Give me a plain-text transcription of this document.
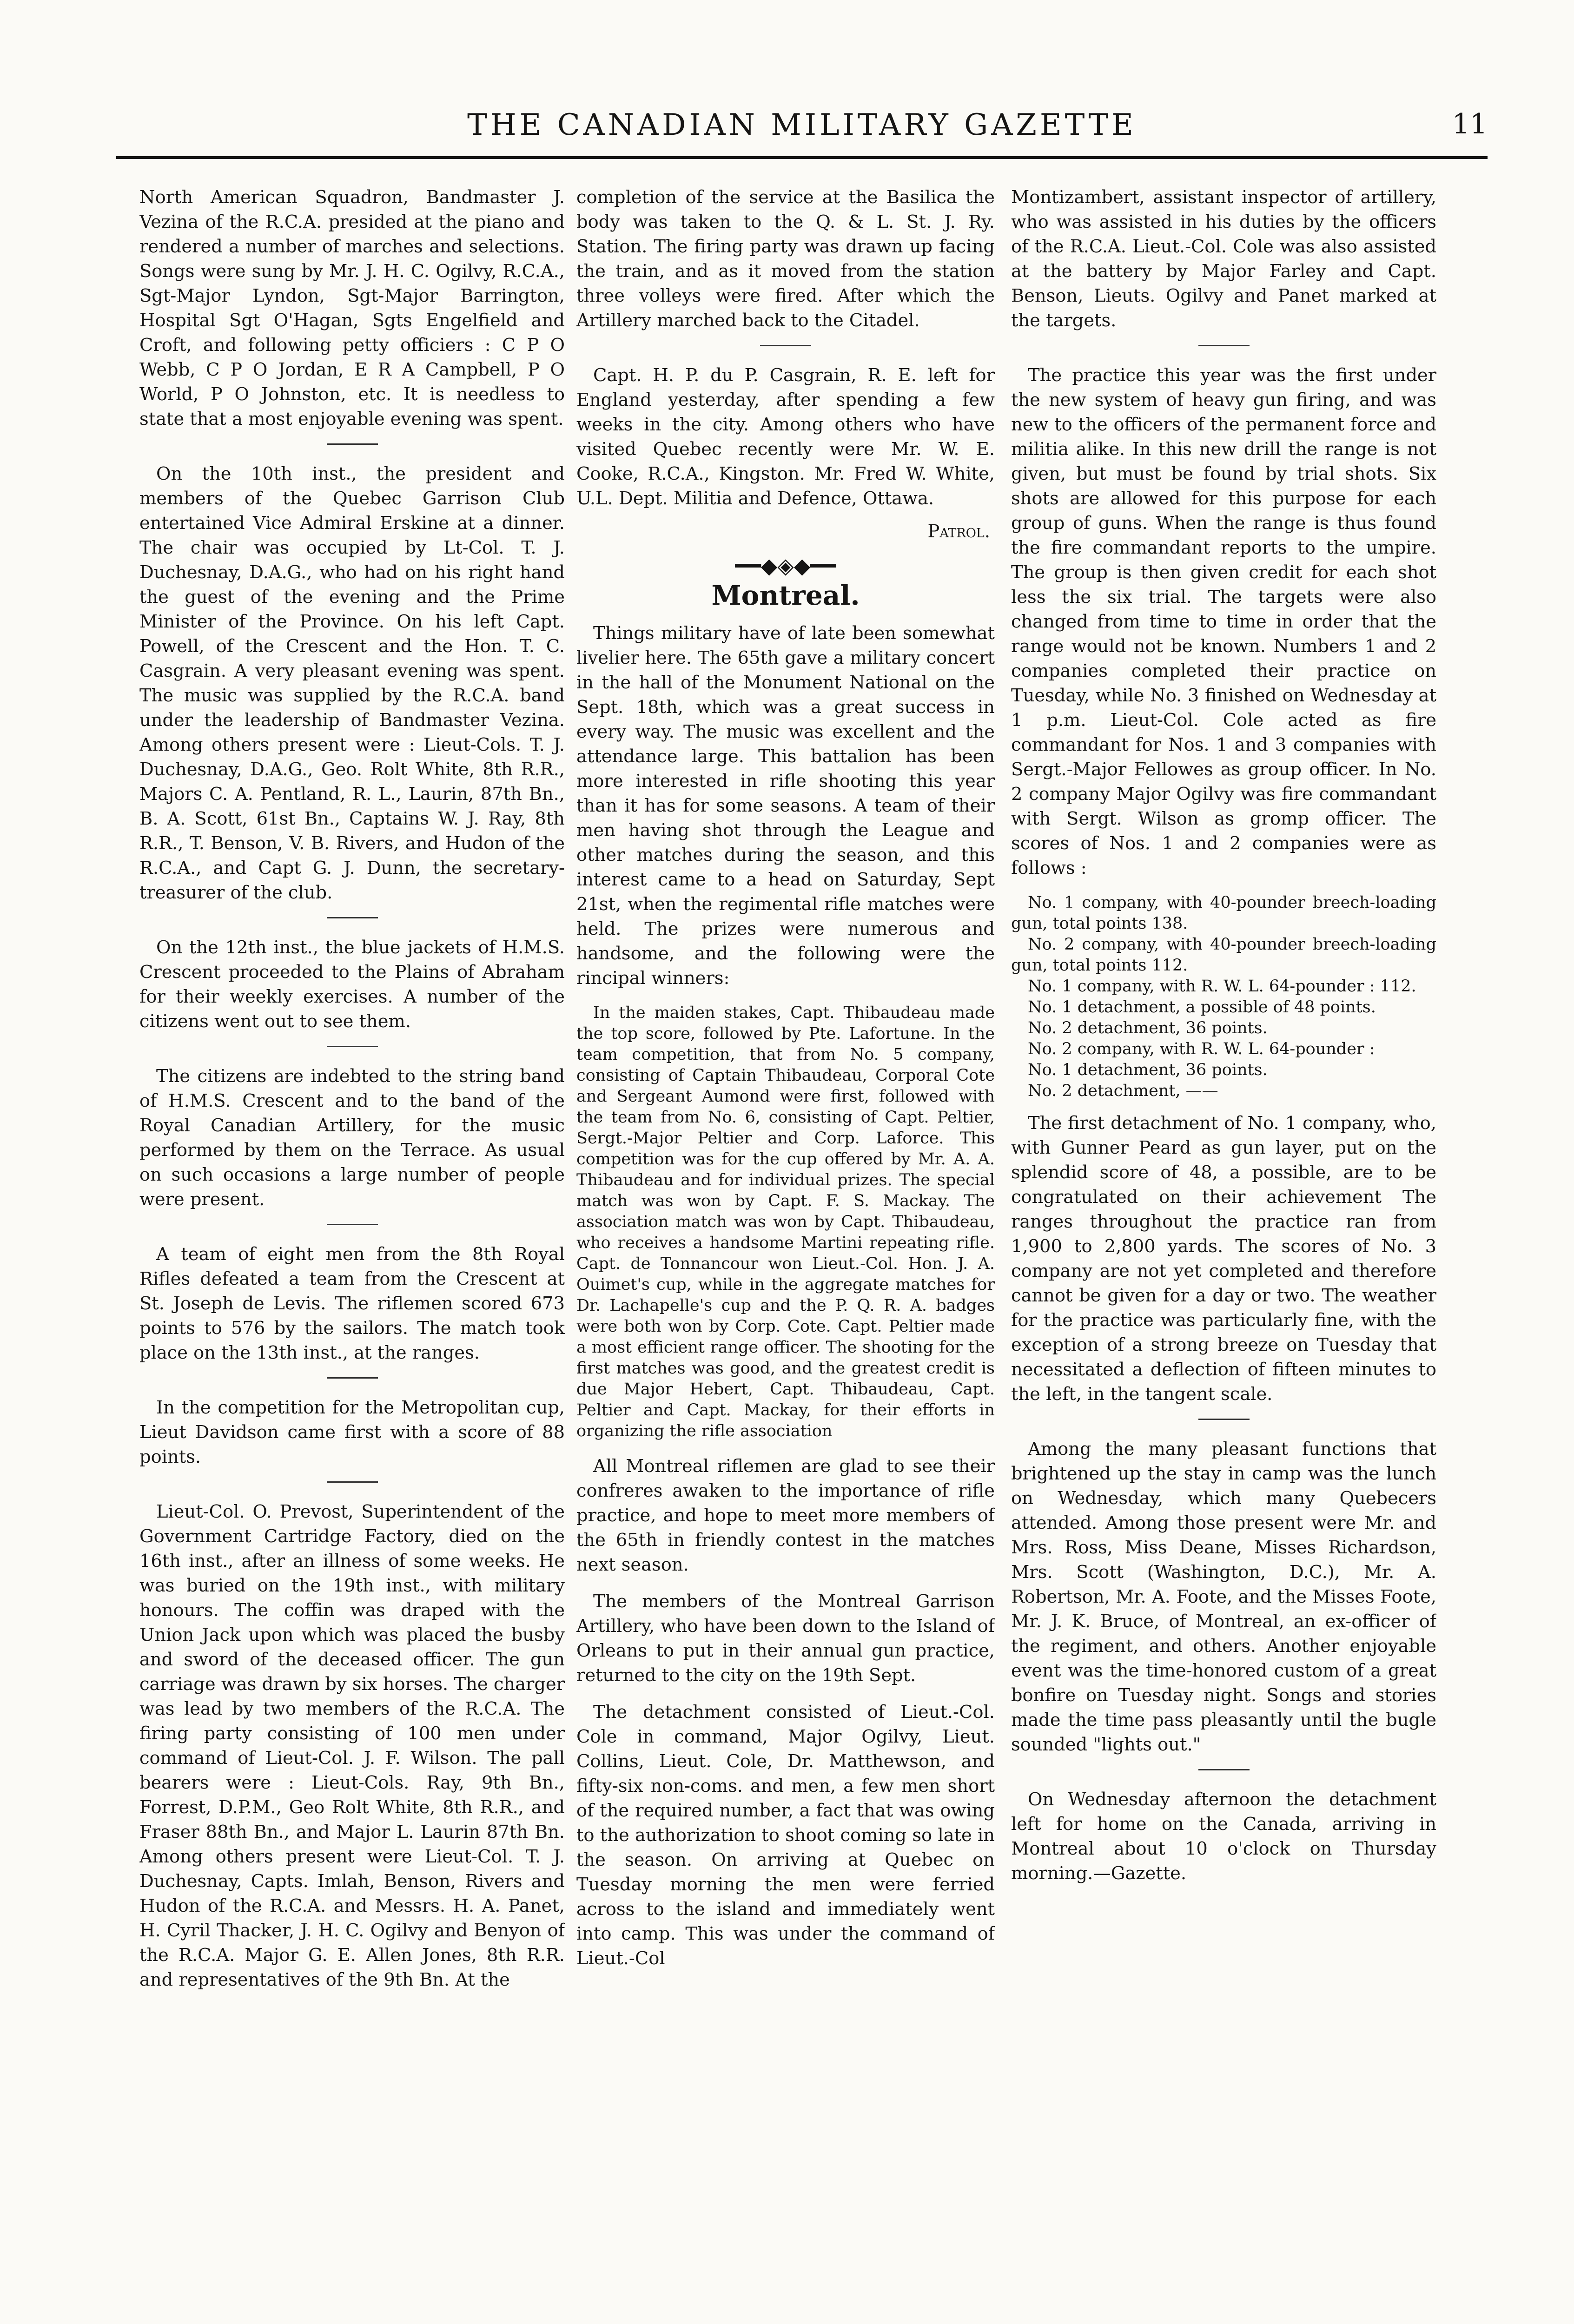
THE CANADIAN MILITARY GAZETTE	11

North American Squadron, Bandmaster J. Vezina of the R.C.A. presided at the piano and rendered a number of marches and selections. Songs were sung by Mr. J. H. C. Ogilvy, R.C.A., Sgt-Major Lyndon, Sgt-Major Barrington, Hospital Sgt O'Hagan, Sgts Engelfield and Croft, and following petty officiers : C P O Webb, C P O Jordan, E R A Campbell, P O World, P O Johnston, etc. It is needless to state that a most enjoyable evening was spent.

On the 10th inst., the president and members of the Quebec Garrison Club entertained Vice Admiral Erskine at a dinner. The chair was occupied by Lt-Col. T. J. Duchesnay, D.A.G., who had on his right hand the guest of the evening and the Prime Minister of the Province. On his left Capt. Powell, of the Crescent and the Hon. T. C. Casgrain. A very pleasant evening was spent. The music was supplied by the R.C.A. band under the leadership of Bandmaster Vezina. Among others present were : Lieut-Cols. T. J. Duchesnay, D.A.G., Geo. Rolt White, 8th R.R., Majors C. A. Pentland, R. L., Laurin, 87th Bn., B. A. Scott, 61st Bn., Captains W. J. Ray, 8th R.R., T. Benson, V. B. Rivers, and Hudon of the R.C.A., and Capt G. J. Dunn, the secretary-treasurer of the club.

On the 12th inst., the blue jackets of H.M.S. Crescent proceeded to the Plains of Abraham for their weekly exercises. A number of the citizens went out to see them.

The citizens are indebted to the string band of H.M.S. Crescent and to the band of the Royal Canadian Artillery, for the music performed by them on the Terrace. As usual on such occasions a large number of people were present.

A team of eight men from the 8th Royal Rifles defeated a team from the Crescent at St. Joseph de Levis. The riflemen scored 673 points to 576 by the sailors. The match took place on the 13th inst., at the ranges.

In the competition for the Metropolitan cup, Lieut Davidson came first with a score of 88 points.

Lieut-Col. O. Prevost, Superintendent of the Government Cartridge Factory, died on the 16th inst., after an illness of some weeks. He was buried on the 19th inst., with military honours. The coffin was draped with the Union Jack upon which was placed the busby and sword of the deceased officer. The gun carriage was drawn by six horses. The charger was lead by two members of the R.C.A. The firing party consisting of 100 men under command of Lieut-Col. J. F. Wilson. The pall bearers were : Lieut-Cols. Ray, 9th Bn., Forrest, D.P.M., Geo Rolt White, 8th R.R., and Fraser 88th Bn., and Major L. Laurin 87th Bn. Among others present were Lieut-Col. T. J. Duchesnay, Capts. Imlah, Benson, Rivers and Hudon of the R.C.A. and Messrs. H. A. Panet, H. Cyril Thacker, J. H. C. Ogilvy and Benyon of the R.C.A. Major G. E. Allen Jones, 8th R.R. and representatives of the 9th Bn. At the

completion of the service at the Basilica the body was taken to the Q. & L. St. J. Ry. Station. The firing party was drawn up facing the train, and as it moved from the station three volleys were fired. After which the Artillery marched back to the Citadel.

Capt. H. P. du P. Casgrain, R. E. left for England yesterday, after spending a few weeks in the city. Among others who have visited Quebec recently were Mr. W. E. Cooke, R.C.A., Kingston. Mr. Fred W. White, U.L. Dept. Militia and Defence, Ottawa.

Patrol.
━━◆◈◆━━
Montreal.

Things military have of late been somewhat livelier here. The 65th gave a military concert in the hall of the Monument National on the Sept. 18th, which was a great success in every way. The music was excellent and the attendance large. This battalion has been more interested in rifle shooting this year than it has for some seasons. A team of their men having shot through the League and other matches during the season, and this interest came to a head on Saturday, Sept 21st, when the regimental rifle matches were held. The prizes were numerous and handsome, and the following were the rincipal winners:

In the maiden stakes, Capt. Thibaudeau made the top score, followed by Pte. Lafortune. In the team competition, that from No. 5 company, consisting of Captain Thibaudeau, Corporal Cote and Sergeant Aumond were first, followed with the team from No. 6, consisting of Capt. Peltier, Sergt.-Major Peltier and Corp. Laforce. This competition was for the cup offered by Mr. A. A. Thibaudeau and for individual prizes. The special match was won by Capt. F. S. Mackay. The association match was won by Capt. Thibaudeau, who receives a handsome Martini repeating rifle. Capt. de Tonnancour won Lieut.-Col. Hon. J. A. Ouimet's cup, while in the aggregate matches for Dr. Lachapelle's cup and the P. Q. R. A. badges were both won by Corp. Cote. Capt. Peltier made a most efficient range officer. The shooting for the first matches was good, and the greatest credit is due Major Hebert, Capt. Thibaudeau, Capt. Peltier and Capt. Mackay, for their efforts in organizing the rifle association

All Montreal riflemen are glad to see their confreres awaken to the importance of rifle practice, and hope to meet more members of the 65th in friendly contest in the matches next season.

The members of the Montreal Garrison Artillery, who have been down to the Island of Orleans to put in their annual gun practice, returned to the city on the 19th Sept.

The detachment consisted of Lieut.-Col. Cole in command, Major Ogilvy, Lieut. Collins, Lieut. Cole, Dr. Matthewson, and fifty-six non-coms. and men, a few men short of the required number, a fact that was owing to the authorization to shoot coming so late in the season. On arriving at Quebec on Tuesday morning the men were ferried across to the island and immediately went into camp. This was under the command of Lieut.-Col

Montizambert, assistant inspector of artillery, who was assisted in his duties by the officers of the R.C.A. Lieut.-Col. Cole was also assisted at the battery by Major Farley and Capt. Benson, Lieuts. Ogilvy and Panet marked at the targets.

The practice this year was the first under the new system of heavy gun firing, and was new to the officers of the permanent force and militia alike. In this new drill the range is not given, but must be found by trial shots. Six shots are allowed for this purpose for each group of guns. When the range is thus found the fire commandant reports to the umpire. The group is then given credit for each shot less the six trial. The targets were also changed from time to time in order that the range would not be known. Numbers 1 and 2 companies completed their practice on Tuesday, while No. 3 finished on Wednesday at 1 p.m. Lieut-Col. Cole acted as fire commandant for Nos. 1 and 3 companies with Sergt.-Major Fellowes as group officer. In No. 2 company Major Ogilvy was fire commandant with Sergt. Wilson as gromp officer. The scores of Nos. 1 and 2 companies were as follows :

No. 1 company, with 40-pounder breech-loading gun, total points 138.

No. 2 company, with 40-pounder breech-loading gun, total points 112.

No. 1 company, with R. W. L. 64-pounder : 112.

No. 1 detachment, a possible of 48 points.

No. 2 detachment, 36 points.

No. 2 company, with R. W. L. 64-pounder :

No. 1 detachment, 36 points.

No. 2 detachment, ——

The first detachment of No. 1 company, who, with Gunner Peard as gun layer, put on the splendid score of 48, a possible, are to be congratulated on their achievement The ranges throughout the practice ran from 1,900 to 2,800 yards. The scores of No. 3 company are not yet completed and therefore cannot be given for a day or two. The weather for the practice was particularly fine, with the exception of a strong breeze on Tuesday that necessitated a deflection of fifteen minutes to the left, in the tangent scale.

Among the many pleasant functions that brightened up the stay in camp was the lunch on Wednesday, which many Quebecers attended. Among those present were Mr. and Mrs. Ross, Miss Deane, Misses Richardson, Mrs. Scott (Washington, D.C.), Mr. A. Robertson, Mr. A. Foote, and the Misses Foote, Mr. J. K. Bruce, of Montreal, an ex-officer of the regiment, and others. Another enjoyable event was the time-honored custom of a great bonfire on Tuesday night. Songs and stories made the time pass pleasantly until the bugle sounded "lights out."

On Wednesday afternoon the detachment left for home on the Canada, arriving in Montreal about 10 o'clock on Thursday morning.—Gazette.
